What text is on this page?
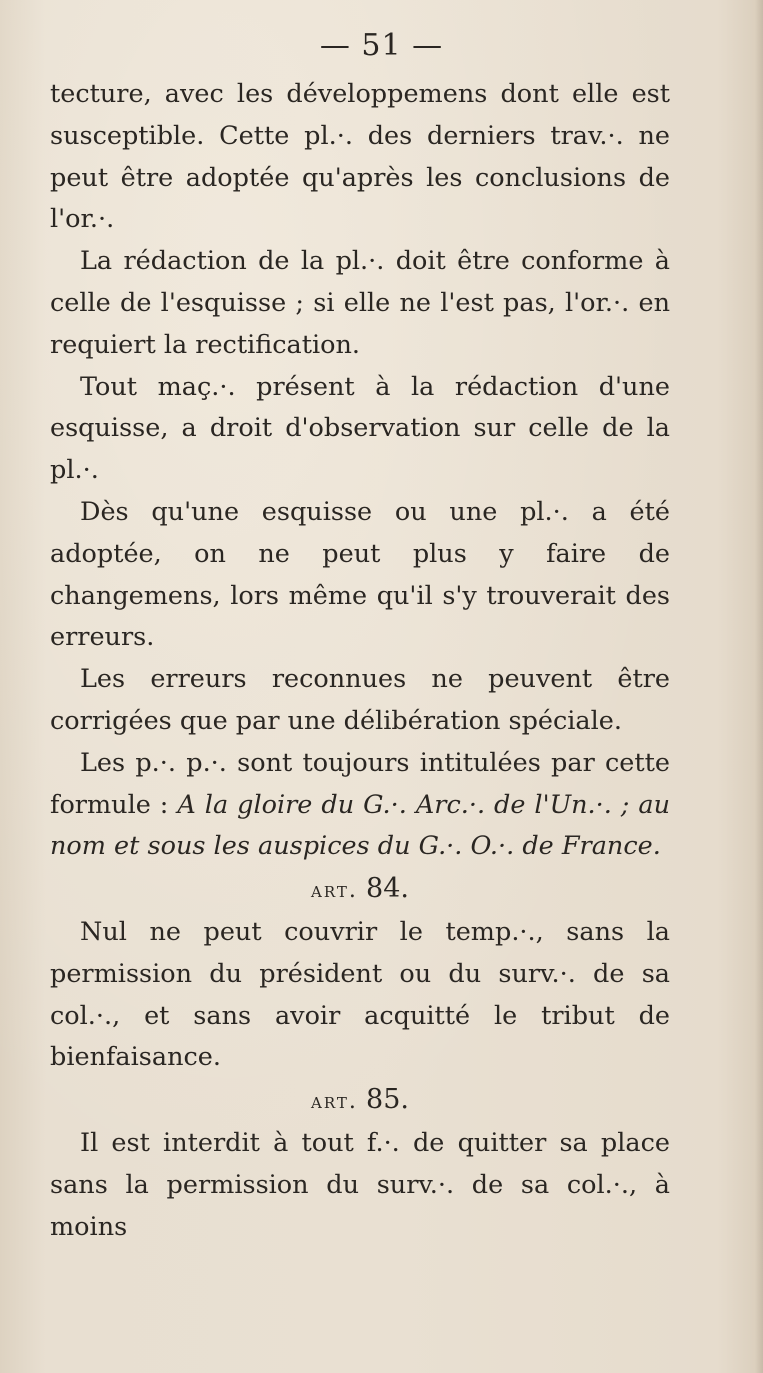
— 51 —

tecture, avec les développemens dont elle est susceptible. Cette pl.·. des derniers trav.·. ne peut être adoptée qu'après les conclusions de l'or.·.

La rédaction de la pl.·. doit être conforme à celle de l'esquisse ; si elle ne l'est pas, l'or.·. en requiert la rectification.

Tout maç.·. présent à la rédaction d'une esquisse, a droit d'observation sur celle de la pl.·.

Dès qu'une esquisse ou une pl.·. a été adoptée, on ne peut plus y faire de changemens, lors même qu'il s'y trouverait des erreurs.

Les erreurs reconnues ne peuvent être corrigées que par une délibération spéciale.

Les p.·. p.·. sont toujours intitulées par cette formule : A la gloire du G.·. Arc.·. de l'Un.·. ; au nom et sous les auspices du G.·. O.·. de France.

art. 84.

Nul ne peut couvrir le temp.·., sans la permission du président ou du surv.·. de sa col.·., et sans avoir acquitté le tribut de bienfaisance.

art. 85.

Il est interdit à tout f.·. de quitter sa place sans la permission du surv.·. de sa col.·., à moins
